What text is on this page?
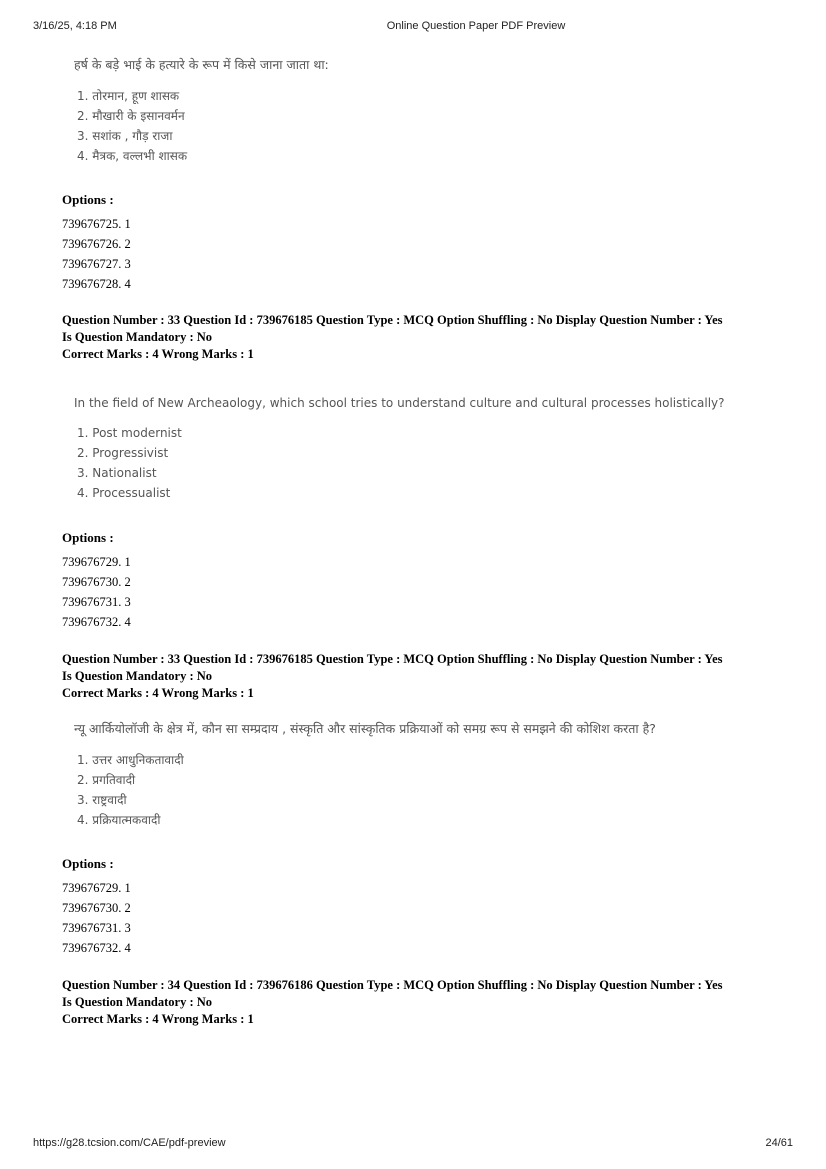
3/16/25, 4:18 PM	Online Question Paper PDF Preview
हर्ष के बड़े भाई के हत्यारे के रूप में किसे जाना जाता था:
1. तोरमान, हूण शासक
2. मौखारी के इसानवर्मन
3. सशांक , गौड़ राजा
4. मैत्रक, वल्लभी शासक
Options :
739676725. 1
739676726. 2
739676727. 3
739676728. 4
Question Number : 33 Question Id : 739676185 Question Type : MCQ Option Shuffling : No Display Question Number : Yes
Is Question Mandatory : No
Correct Marks : 4 Wrong Marks : 1
In the field of New Archeaology, which school tries to understand culture and cultural processes holistically?
1. Post modernist
2. Progressivist
3. Nationalist
4. Processualist
Options :
739676729. 1
739676730. 2
739676731. 3
739676732. 4
Question Number : 33 Question Id : 739676185 Question Type : MCQ Option Shuffling : No Display Question Number : Yes
Is Question Mandatory : No
Correct Marks : 4 Wrong Marks : 1
न्यू आर्कियोलॉजी के क्षेत्र में, कौन सा सम्प्रदाय , संस्कृति और सांस्कृतिक प्रक्रियाओं को समग्र रूप से समझने की कोशिश करता है?
1. उत्तर आधुनिकतावादी
2. प्रगतिवादी
3. राष्ट्रवादी
4. प्रक्रियात्मकवादी
Options :
739676729. 1
739676730. 2
739676731. 3
739676732. 4
Question Number : 34 Question Id : 739676186 Question Type : MCQ Option Shuffling : No Display Question Number : Yes
Is Question Mandatory : No
Correct Marks : 4 Wrong Marks : 1
https://g28.tcsion.com/CAE/pdf-preview	24/61
